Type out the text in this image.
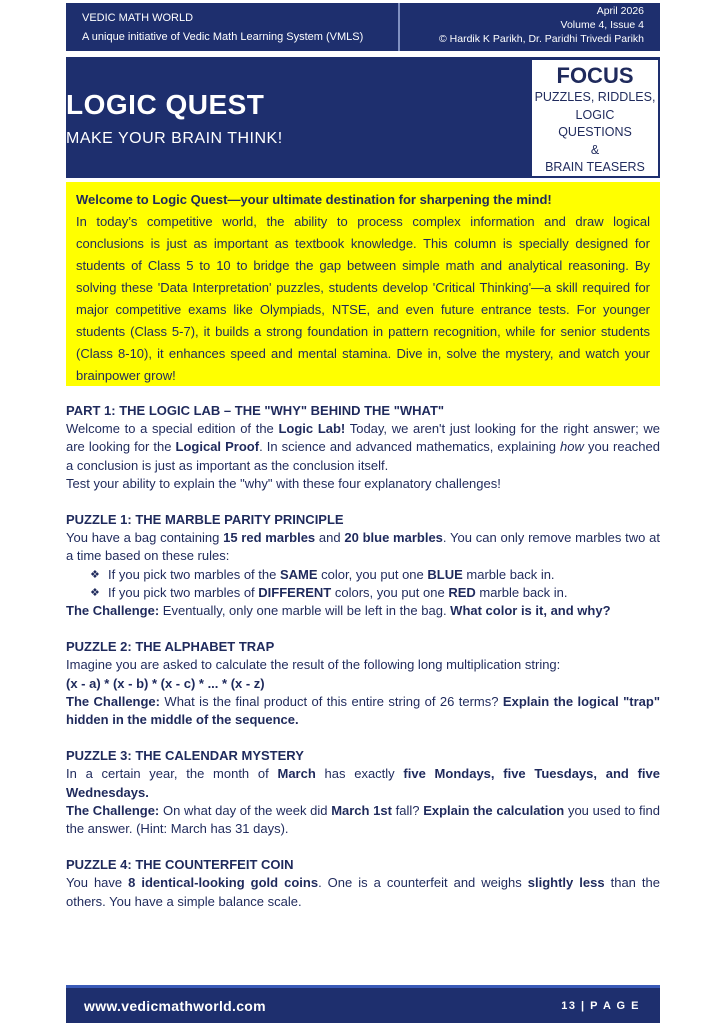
VEDIC MATH WORLD
A unique initiative of Vedic Math Learning System (VMLS)
April 2026
Volume 4, Issue 4
© Hardik K Parikh, Dr. Paridhi Trivedi Parikh
LOGIC QUEST
MAKE YOUR BRAIN THINK!
FOCUS
PUZZLES, RIDDLES,
LOGIC
QUESTIONS
&
BRAIN TEASERS
Welcome to Logic Quest—your ultimate destination for sharpening the mind!
In today’s competitive world, the ability to process complex information and draw logical conclusions is just as important as textbook knowledge. This column is specially designed for students of Class 5 to 10 to bridge the gap between simple math and analytical reasoning. By solving these 'Data Interpretation' puzzles, students develop 'Critical Thinking'—a skill required for major competitive exams like Olympiads, NTSE, and even future entrance tests. For younger students (Class 5-7), it builds a strong foundation in pattern recognition, while for senior students (Class 8-10), it enhances speed and mental stamina. Dive in, solve the mystery, and watch your brainpower grow!
PART 1: THE LOGIC LAB – THE "WHY" BEHIND THE "WHAT"

Welcome to a special edition of the Logic Lab! Today, we aren't just looking for the right answer; we are looking for the Logical Proof. In science and advanced mathematics, explaining how you reached a conclusion is just as important as the conclusion itself.

Test your ability to explain the "why" with these four explanatory challenges!

PUZZLE 1: THE MARBLE PARITY PRINCIPLE

You have a bag containing 15 red marbles and 20 blue marbles. You can only remove marbles two at a time based on these rules:

❖ If you pick two marbles of the SAME color, you put one BLUE marble back in.
❖ If you pick two marbles of DIFFERENT colors, you put one RED marble back in.

The Challenge: Eventually, only one marble will be left in the bag. What color is it, and why?

PUZZLE 2: THE ALPHABET TRAP

Imagine you are asked to calculate the result of the following long multiplication string:

(x - a) * (x - b) * (x - c) * ... * (x - z)

The Challenge: What is the final product of this entire string of 26 terms? Explain the logical "trap" hidden in the middle of the sequence.

PUZZLE 3: THE CALENDAR MYSTERY

In a certain year, the month of March has exactly five Mondays, five Tuesdays, and five Wednesdays.

The Challenge: On what day of the week did March 1st fall? Explain the calculation you used to find the answer. (Hint: March has 31 days).

PUZZLE 4: THE COUNTERFEIT COIN

You have 8 identical-looking gold coins. One is a counterfeit and weighs slightly less than the others. You have a simple balance scale.

www.vedicmathworld.com	13 | P A G E
